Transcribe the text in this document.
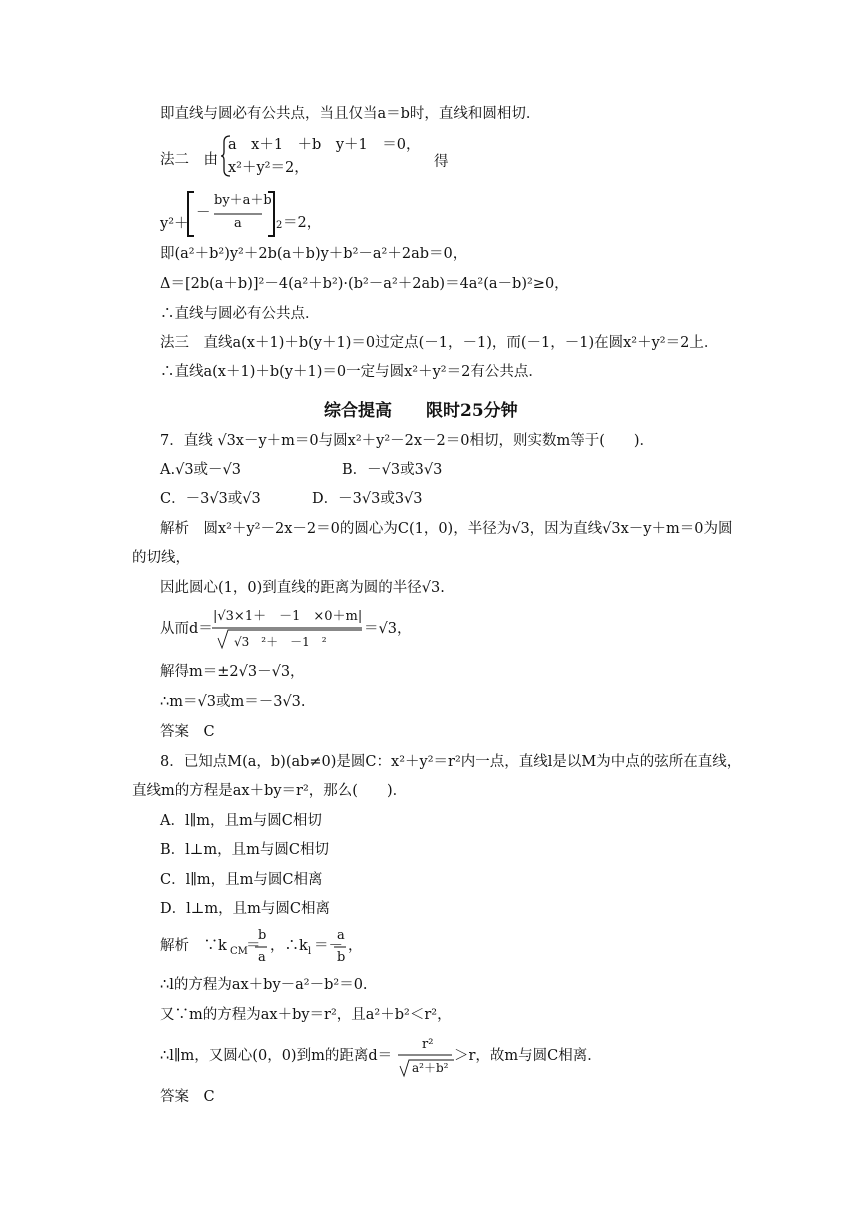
即直线与圆必有公共点，当且仅当a＝b时，直线和圆相切．
法二　由
a　x＋1　＋b　y＋1　＝0，
x²＋y²＝2，	得
y²＋
－
by＋a＋b
a	2 ＝2，
即(a²＋b²)y²＋2b(a＋b)y＋b²－a²＋2ab＝0，
Δ＝[2b(a＋b)]²－4(a²＋b²)·(b²－a²＋2ab)＝4a²(a－b)²≥0，
∴直线与圆必有公共点．
法三　直线a(x＋1)＋b(y＋1)＝0过定点(－1，－1)，而(－1，－1)在圆x²＋y²＝2上．
∴直线a(x＋1)＋b(y＋1)＝0一定与圆x²＋y²＝2有公共点．
综合提高　　限时25分钟
7．直线 √3x－y＋m＝0与圆x²＋y²－2x－2＝0相切，则实数m等于(　　)．
A.√3或－√3	B．－√3或3√3
C．－3√3或√3	D．－3√3或3√3
解析　圆x²＋y²－2x－2＝0的圆心为C(1，0)，半径为√3，因为直线√3x－y＋m＝0为圆
的切线，
因此圆心(1，0)到直线的距离为圆的半径√3.
从而d＝
|√3×1＋　－1　×0＋m|
√3　²＋　－1　²
＝√3，
解得m＝±2√3－√3，
∴m＝√3或m＝－3√3.
答案　C
8．已知点M(a，b)(ab≠0)是圆C：x²＋y²＝r²内一点，直线l是以M为中点的弦所在直线，
直线m的方程是ax＋by＝r²，那么(　　)．
A．l∥m，且m与圆C相切
B．l⊥m，且m与圆C相切
C．l∥m，且m与圆C相离
D．l⊥m，且m与圆C相离
解析　∵k CM
＝
b
a
，∴k l ＝－
a
b
，
∴l的方程为ax＋by－a²－b²＝0.
又∵m的方程为ax＋by＝r²，且a²＋b²＜r²，
∴l∥m，又圆心(0，0)到m的距离d＝
r²
a²＋b²
＞r，故m与圆C相离．
答案　C
